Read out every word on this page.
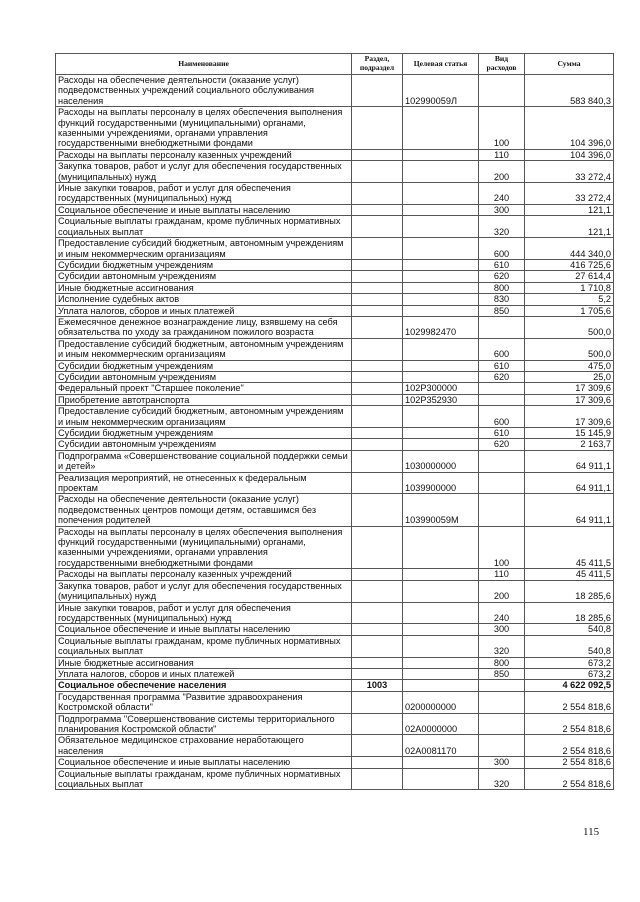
Наименование	Раздел, подраздел	Целевая статья	Вид расходов	Сумма
Расходы на обеспечение деятельности (оказание услуг) подведомственных учреждений социального обслуживания населения		102990059Л		583 840,3
Расходы на выплаты персоналу в целях обеспечения выполнения функций государственными (муниципальными) органами, казенными учреждениями, органами управления государственными внебюджетными фондами			100	104 396,0
Расходы на выплаты персоналу казенных учреждений			110	104 396,0
Закупка товаров, работ и услуг для обеспечения государственных (муниципальных) нужд			200	33 272,4
Иные закупки товаров, работ и услуг для обеспечения государственных (муниципальных) нужд			240	33 272,4
Социальное обеспечение и иные выплаты населению			300	121,1
Социальные выплаты гражданам, кроме публичных нормативных социальных выплат			320	121,1
Предоставление субсидий бюджетным, автономным учреждениям и иным некоммерческим организациям			600	444 340,0
Субсидии бюджетным учреждениям			610	416 725,6
Субсидии автономным учреждениям			620	27 614,4
Иные бюджетные ассигнования			800	1 710,8
Исполнение судебных актов			830	5,2
Уплата налогов, сборов и иных платежей			850	1 705,6
Ежемесячное денежное вознаграждение лицу, взявшему на себя обязательства по уходу за гражданином пожилого возраста		1029982470		500,0
Предоставление субсидий бюджетным, автономным учреждениям и иным некоммерческим организациям			600	500,0
Субсидии бюджетным учреждениям			610	475,0
Субсидии автономным учреждениям			620	25,0
Федеральный проект "Старшее поколение"		102P300000		17 309,6
Приобретение автотранспорта		102P352930		17 309,6
Предоставление субсидий бюджетным, автономным учреждениям и иным некоммерческим организациям			600	17 309,6
Субсидии бюджетным учреждениям			610	15 145,9
Субсидии автономным учреждениям			620	2 163,7
Подпрограмма «Совершенствование социальной поддержки семьи и детей»		1030000000		64 911,1
Реализация мероприятий, не отнесенных к федеральным проектам		1039900000		64 911,1
Расходы на обеспечение деятельности (оказание услуг) подведомственных центров помощи детям, оставшимся без попечения родителей		103990059М		64 911,1
Расходы на выплаты персоналу в целях обеспечения выполнения функций государственными (муниципальными) органами, казенными учреждениями, органами управления государственными внебюджетными фондами			100	45 411,5
Расходы на выплаты персоналу казенных учреждений			110	45 411,5
Закупка товаров, работ и услуг для обеспечения государственных (муниципальных) нужд			200	18 285,6
Иные закупки товаров, работ и услуг для обеспечения государственных (муниципальных) нужд			240	18 285,6
Социальное обеспечение и иные выплаты населению			300	540,8
Социальные выплаты гражданам, кроме публичных нормативных социальных выплат			320	540,8
Иные бюджетные ассигнования			800	673,2
Уплата налогов, сборов и иных платежей			850	673,2
Социальное обеспечение населения	1003			4 622 092,5
Государственная программа "Развитие здравоохранения Костромской области"		0200000000		2 554 818,6
Подпрограмма "Совершенствование системы территориального планирования Костромской области"		02A0000000		2 554 818,6
Обязательное медицинское страхование неработающего населения		02A0081170		2 554 818,6
Социальное обеспечение и иные выплаты населению			300	2 554 818,6
Социальные выплаты гражданам, кроме публичных нормативных социальных выплат			320	2 554 818,6
115
